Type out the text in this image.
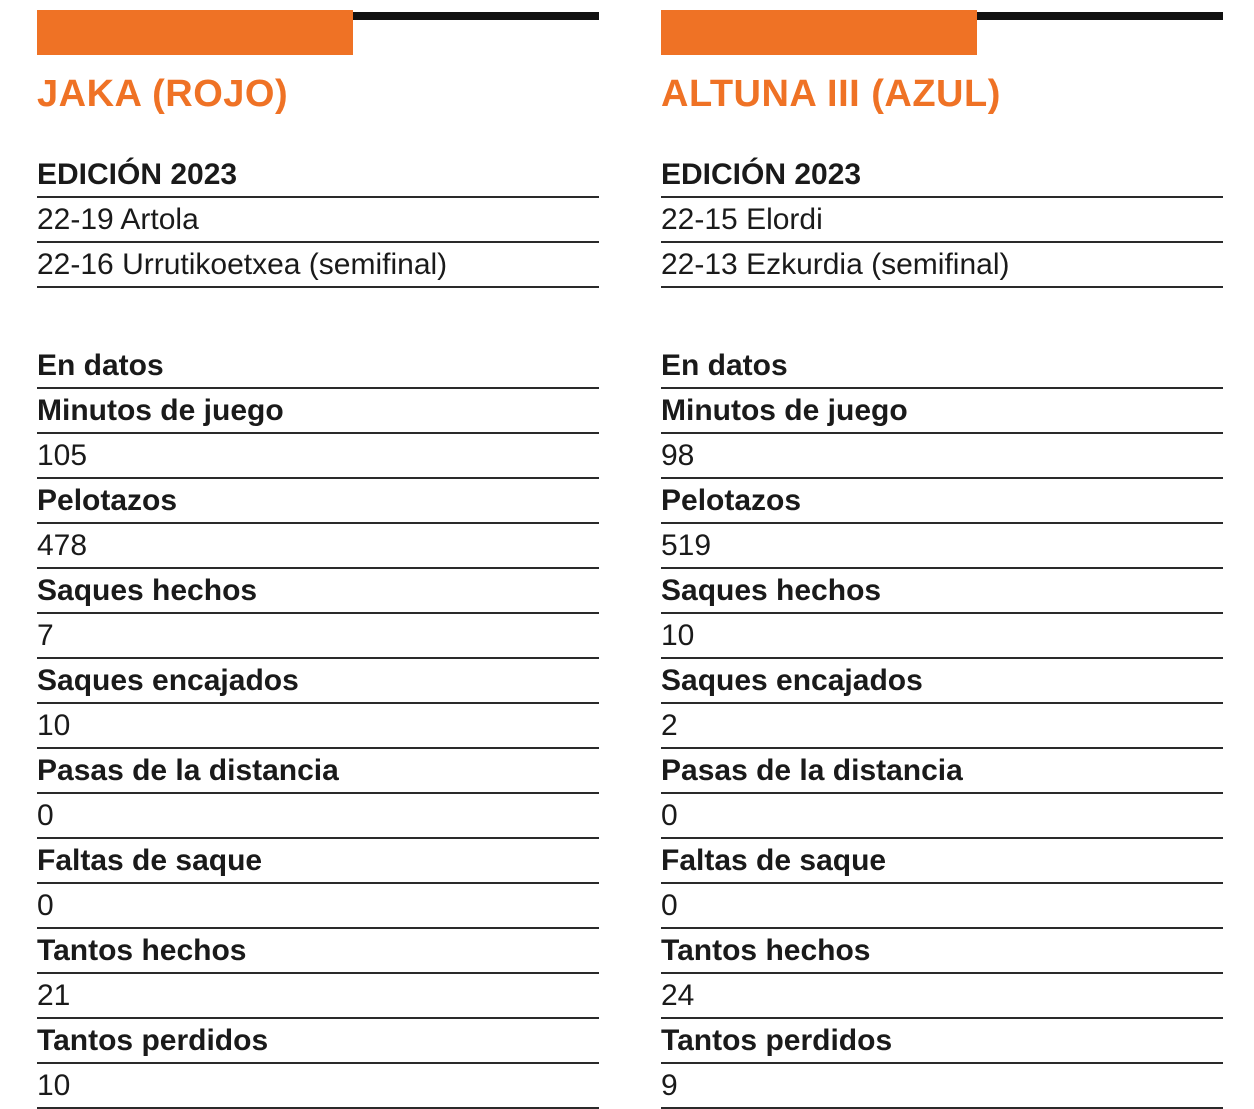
JAKA (ROJO)
EDICIÓN 2023
22-19 Artola
22-16 Urrutikoetxea (semifinal)
En datos
Minutos de juego
105
Pelotazos
478
Saques hechos
7
Saques encajados
10
Pasas de la distancia
0
Faltas de saque
0
Tantos hechos
21
Tantos perdidos
10
ALTUNA III (AZUL)
EDICIÓN 2023
22-15 Elordi
22-13 Ezkurdia (semifinal)
En datos
Minutos de juego
98
Pelotazos
519
Saques hechos
10
Saques encajados
2
Pasas de la distancia
0
Faltas de saque
0
Tantos hechos
24
Tantos perdidos
9
